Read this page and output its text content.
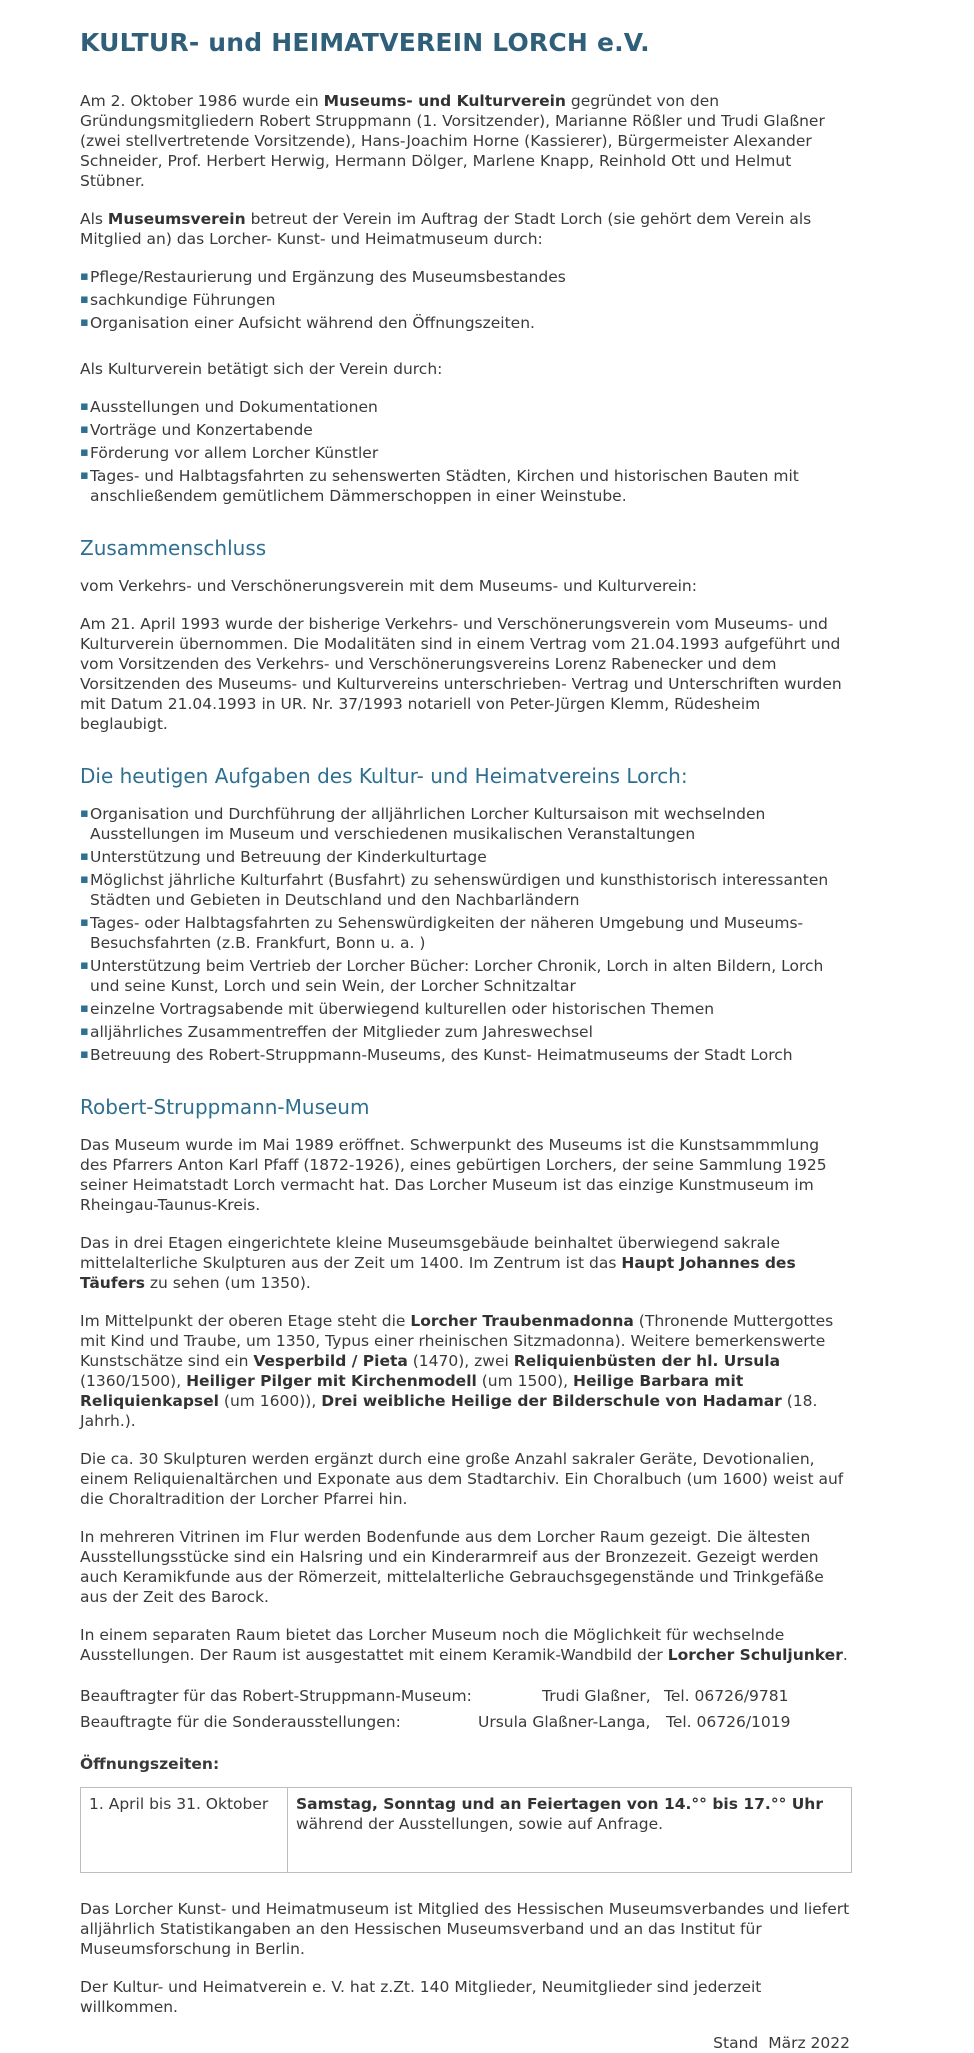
KULTUR- und HEIMATVEREIN LORCH e.V.

Am 2. Oktober 1986 wurde ein Museums- und Kulturverein gegründet von den Gründungsmitgliedern Robert Struppmann (1. Vorsitzender), Marianne Rößler und Trudi Glaßner (zwei stellvertretende Vorsitzende), Hans-Joachim Horne (Kassierer), Bürgermeister Alexander Schneider, Prof. Herbert Herwig, Hermann Dölger, Marlene Knapp, Reinhold Ott und Helmut Stübner.

Als Museumsverein betreut der Verein im Auftrag der Stadt Lorch (sie gehört dem Verein als Mitglied an) das Lorcher- Kunst- und Heimatmuseum durch:

▪ Pflege/Restaurierung und Ergänzung des Museumsbestandes
▪ sachkundige Führungen
▪ Organisation einer Aufsicht während den Öffnungszeiten.

Als Kulturverein betätigt sich der Verein durch:

▪ Ausstellungen und Dokumentationen
▪ Vorträge und Konzertabende
▪ Förderung vor allem Lorcher Künstler
▪ Tages- und Halbtagsfahrten zu sehenswerten Städten, Kirchen und historischen Bauten mit anschließendem gemütlichem Dämmerschoppen in einer Weinstube.
Zusammenschluss

vom Verkehrs- und Verschönerungsverein mit dem Museums- und Kulturverein:

Am 21. April 1993 wurde der bisherige Verkehrs- und Verschönerungsverein vom Museums- und Kulturverein übernommen. Die Modalitäten sind in einem Vertrag vom 21.04.1993 aufgeführt und vom Vorsitzenden des Verkehrs- und Verschönerungsvereins Lorenz Rabenecker und dem Vorsitzenden des Museums- und Kulturvereins unterschrieben- Vertrag und Unterschriften wurden mit Datum 21.04.1993 in UR. Nr. 37/1993 notariell von Peter-Jürgen Klemm, Rüdesheim beglaubigt.

Die heutigen Aufgaben des Kultur- und Heimatvereins Lorch:
▪ Organisation und Durchführung der alljährlichen Lorcher Kultursaison mit wechselnden Ausstellungen im Museum und verschiedenen musikalischen Veranstaltungen
▪ Unterstützung und Betreuung der Kinderkulturtage
▪ Möglichst jährliche Kulturfahrt (Busfahrt) zu sehenswürdigen und kunsthistorisch interessanten Städten und Gebieten in Deutschland und den Nachbarländern
▪ Tages- oder Halbtagsfahrten zu Sehenswürdigkeiten der näheren Umgebung und Museums-Besuchsfahrten (z.B. Frankfurt, Bonn u. a. )
▪ Unterstützung beim Vertrieb der Lorcher Bücher: Lorcher Chronik, Lorch in alten Bildern, Lorch und seine Kunst, Lorch und sein Wein, der Lorcher Schnitzaltar
▪ einzelne Vortragsabende mit überwiegend kulturellen oder historischen Themen
▪ alljährliches Zusammentreffen der Mitglieder zum Jahreswechsel
▪ Betreuung des Robert-Struppmann-Museums, des Kunst- Heimatmuseums der Stadt Lorch
Robert-Struppmann-Museum

Das Museum wurde im Mai 1989 eröffnet. Schwerpunkt des Museums ist die Kunstsammmlung des Pfarrers Anton Karl Pfaff (1872-1926), eines gebürtigen Lorchers, der seine Sammlung 1925 seiner Heimatstadt Lorch vermacht hat. Das Lorcher Museum ist das einzige Kunstmuseum im Rheingau-Taunus-Kreis.

Das in drei Etagen eingerichtete kleine Museumsgebäude beinhaltet überwiegend sakrale mittelalterliche Skulpturen aus der Zeit um 1400. Im Zentrum ist das Haupt Johannes des Täufers zu sehen (um 1350).

Im Mittelpunkt der oberen Etage steht die Lorcher Traubenmadonna (Thronende Muttergottes mit Kind und Traube, um 1350, Typus einer rheinischen Sitzmadonna). Weitere bemerkenswerte Kunstschätze sind ein Vesperbild / Pieta (1470), zwei Reliquienbüsten der hl. Ursula (1360/1500), Heiliger Pilger mit Kirchenmodell (um 1500), Heilige Barbara mit Reliquienkapsel (um 1600)), Drei weibliche Heilige der Bilderschule von Hadamar (18. Jahrh.).

Die ca. 30 Skulpturen werden ergänzt durch eine große Anzahl sakraler Geräte, Devotionalien, einem Reliquienaltärchen und Exponate aus dem Stadtarchiv. Ein Choralbuch (um 1600) weist auf die Choraltradition der Lorcher Pfarrei hin.

In mehreren Vitrinen im Flur werden Bodenfunde aus dem Lorcher Raum gezeigt. Die ältesten Ausstellungsstücke sind ein Halsring und ein Kinderarmreif aus der Bronzezeit. Gezeigt werden auch Keramikfunde aus der Römerzeit, mittelalterliche Gebrauchsgegenstände und Trinkgefäße aus der Zeit des Barock.

In einem separaten Raum bietet das Lorcher Museum noch die Möglichkeit für wechselnde Ausstellungen. Der Raum ist ausgestattet mit einem Keramik-Wandbild der Lorcher Schuljunker.

Beauftragter für das Robert-Struppmann-Museum:	Trudi Glaßner, Tel. 06726/9781
Beauftragte für die Sonderausstellungen:	Ursula Glaßner-Langa, Tel. 06726/1019
Öffnungszeiten:
1. April bis 31. Oktober	Samstag, Sonntag und an Feiertagen von 14.°° bis 17.°° Uhr während der Ausstellungen, sowie auf Anfrage.

Das Lorcher Kunst- und Heimatmuseum ist Mitglied des Hessischen Museumsverbandes und liefert alljährlich Statistikangaben an den Hessischen Museumsverband und an das Institut für Museumsforschung in Berlin.

Der Kultur- und Heimatverein e. V. hat z.Zt. 140 Mitglieder, Neumitglieder sind jederzeit willkommen.
Stand März 2022
